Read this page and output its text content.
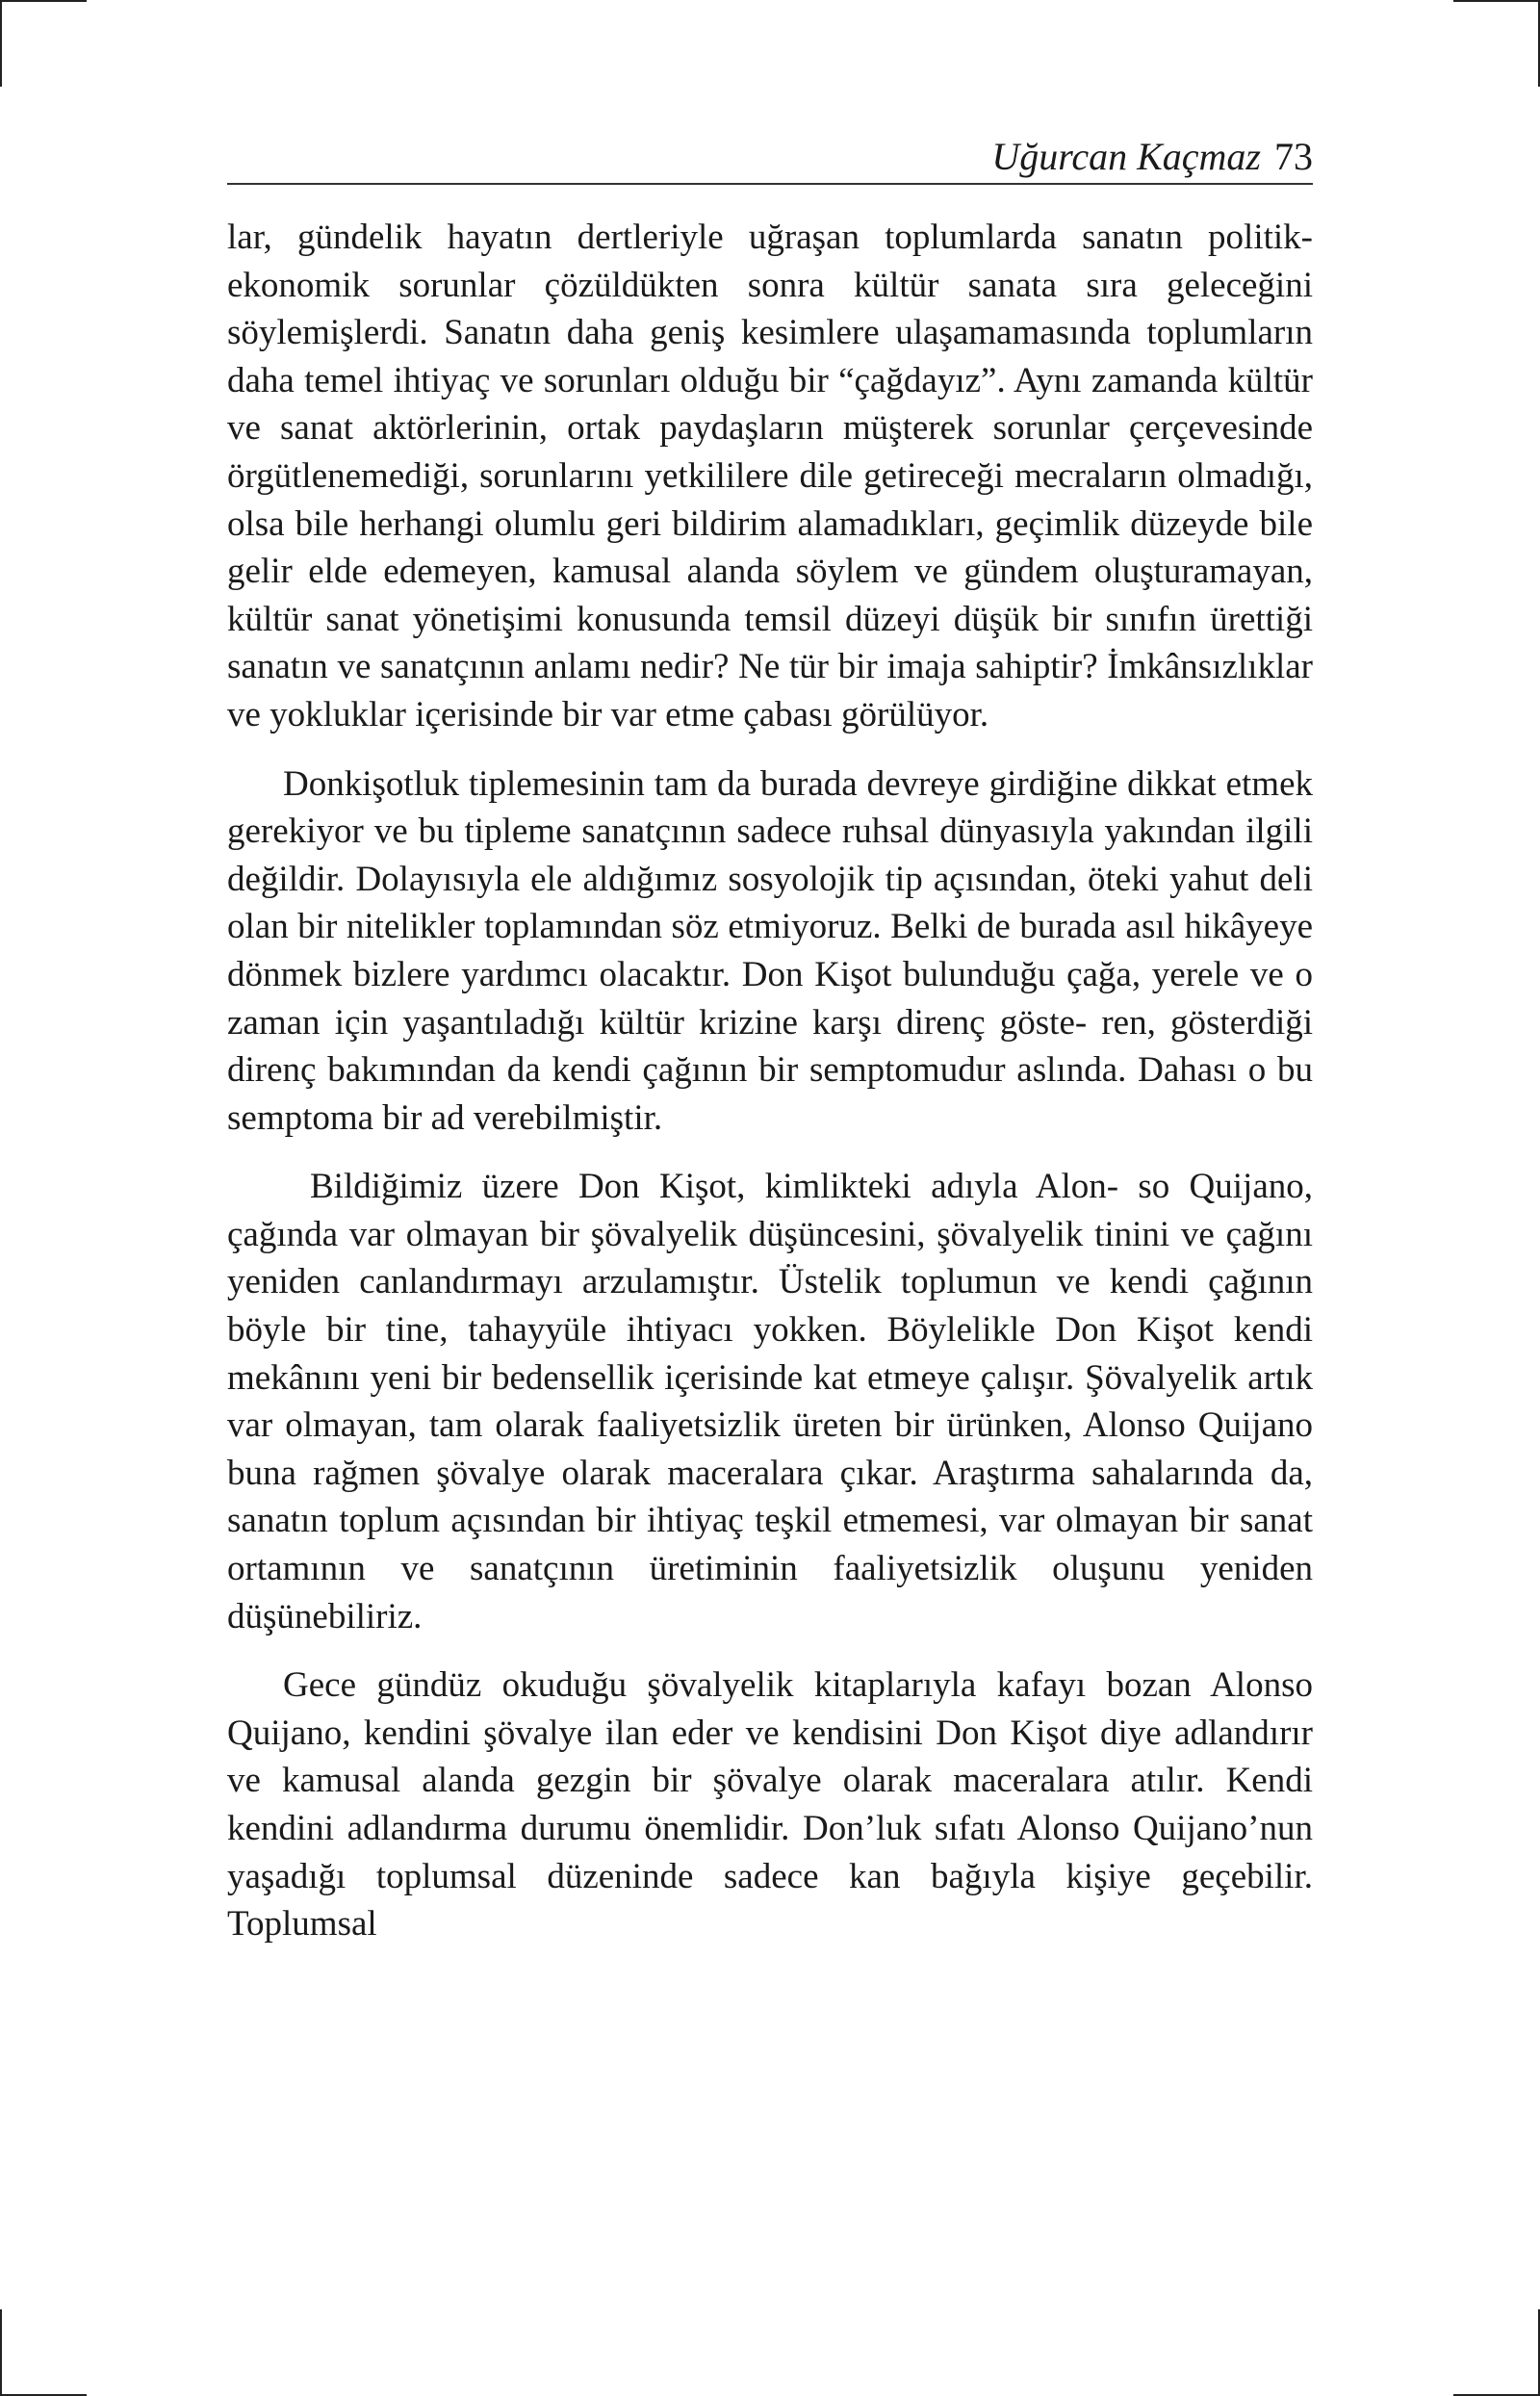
Uğurcan Kaçmaz 73

lar, gündelik hayatın dertleriyle uğraşan toplumlarda sanatın politik-ekonomik sorunlar çözüldükten sonra kültür sanata sıra geleceğini söylemişlerdi. Sanatın daha geniş kesimlere ulaşamamasında toplumların daha temel ihtiyaç ve sorunları olduğu bir “çağdayız”. Aynı zamanda kültür ve sanat aktörlerinin, ortak paydaşların müşterek sorunlar çerçevesinde örgütlenemediği, sorunlarını yetkililere dile getireceği mecraların olmadığı, olsa bile herhangi olumlu geri bildirim alamadıkları, geçimlik düzeyde bile gelir elde edemeyen, kamusal alanda söylem ve gündem oluşturamayan, kültür sanat yönetişimi konusunda temsil düzeyi düşük bir sınıfın ürettiği sanatın ve sanatçının anlamı nedir? Ne tür bir imaja sahiptir? İmkânsızlıklar ve yokluklar içerisinde bir var etme çabası görülüyor.

Donkişotluk tiplemesinin tam da burada devreye girdiğine dikkat etmek gerekiyor ve bu tipleme sanatçının sadece ruhsal dünyasıyla yakından ilgili değildir. Dolayısıyla ele aldığımız sosyolojik tip açısından, öteki yahut deli olan bir nitelikler toplamından söz etmiyoruz. Belki de burada asıl hikâyeye dönmek bizlere yardımcı olacaktır. Don Kişot bulunduğu çağa, yerele ve o zaman için yaşantıladığı kültür krizine karşı direnç göste- ren, gösterdiği direnç bakımından da kendi çağının bir semptomudur aslında. Dahası o bu semptoma bir ad verebilmiştir.

Bildiğimiz üzere Don Kişot, kimlikteki adıyla Alon- so Quijano, çağında var olmayan bir şövalyelik düşüncesini, şövalyelik tinini ve çağını yeniden canlandırmayı arzulamıştır. Üstelik toplumun ve kendi çağının böyle bir tine, tahayyüle ihtiyacı yokken. Böylelikle Don Kişot kendi mekânını yeni bir bedensellik içerisinde kat etmeye çalışır. Şövalyelik artık var olmayan, tam olarak faaliyetsizlik üreten bir ürünken, Alonso Quijano buna rağmen şövalye olarak maceralara çıkar. Araştırma sahalarında da, sanatın toplum açısından bir ihtiyaç teşkil etmemesi, var olmayan bir sanat ortamının ve sanatçının üretiminin faaliyetsizlik oluşunu yeniden düşünebiliriz.

Gece gündüz okuduğu şövalyelik kitaplarıyla kafayı bozan Alonso Quijano, kendini şövalye ilan eder ve kendisini Don Kişot diye adlandırır ve kamusal alanda gezgin bir şövalye olarak maceralara atılır. Kendi kendini adlandırma durumu önemlidir. Don’luk sıfatı Alonso Quijano’nun yaşadığı toplumsal düzeninde sadece kan bağıyla kişiye geçebilir. Toplumsal
